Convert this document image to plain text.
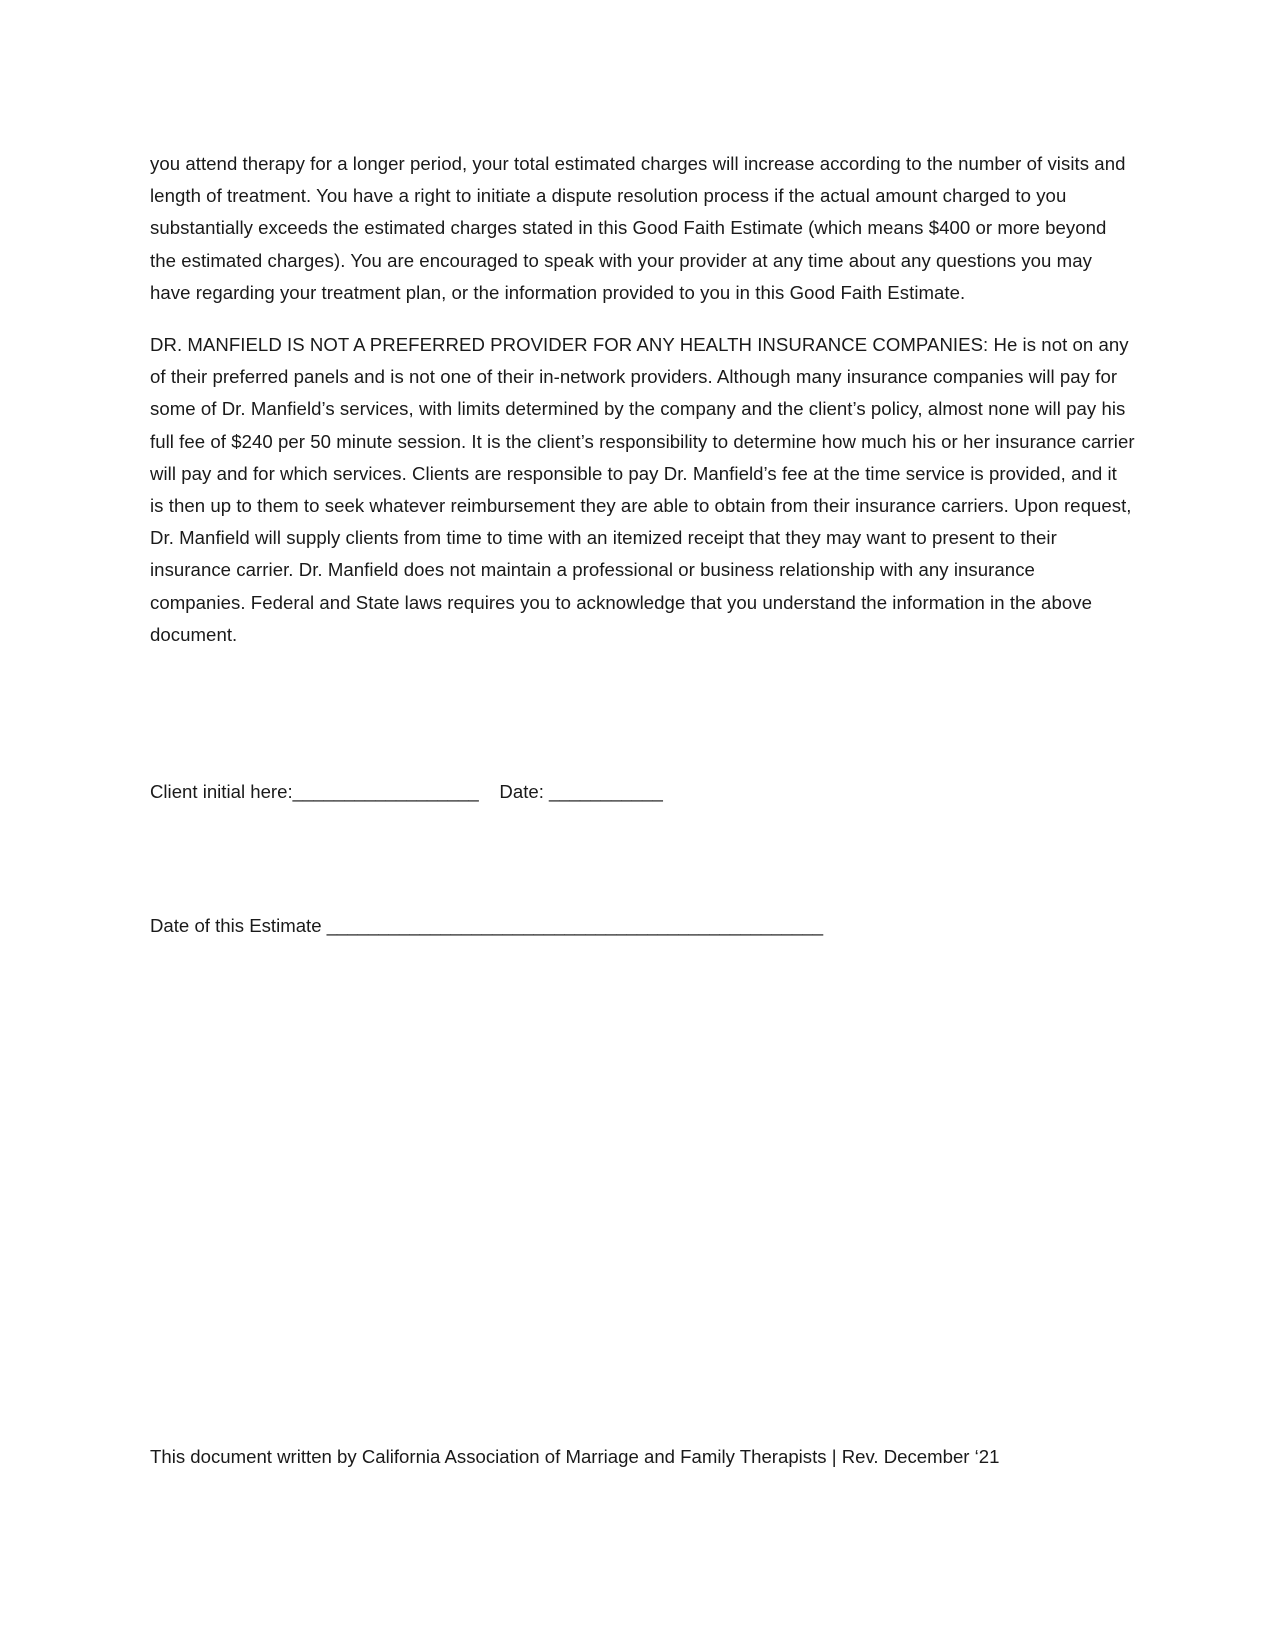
you attend therapy for a longer period, your total estimated charges will increase according to the number of visits and length of treatment. You have a right to initiate a dispute resolution process if the actual amount charged to you substantially exceeds the estimated charges stated in this Good Faith Estimate (which means $400 or more beyond the estimated charges). You are encouraged to speak with your provider at any time about any questions you may have regarding your treatment plan, or the information provided to you in this Good Faith Estimate.

DR. MANFIELD IS NOT A PREFERRED PROVIDER FOR ANY HEALTH INSURANCE COMPANIES: He is not on any of their preferred panels and is not one of their in-network providers. Although many insurance companies will pay for some of Dr. Manfield’s services, with limits determined by the company and the client’s policy, almost none will pay his full fee of $240 per 50 minute session. It is the client’s responsibility to determine how much his or her insurance carrier will pay and for which services. Clients are responsible to pay Dr. Manfield’s fee at the time service is provided, and it is then up to them to seek whatever reimbursement they are able to obtain from their insurance carriers. Upon request, Dr. Manfield will supply clients from time to time with an itemized receipt that they may want to present to their insurance carrier. Dr. Manfield does not maintain a professional or business relationship with any insurance companies. Federal and State laws requires you to acknowledge that you understand the information in the above document.

Client initial here:__________________    Date: ___________
Date of this Estimate ________________________________________________
This document written by California Association of Marriage and Family Therapists | Rev. December ‘21
